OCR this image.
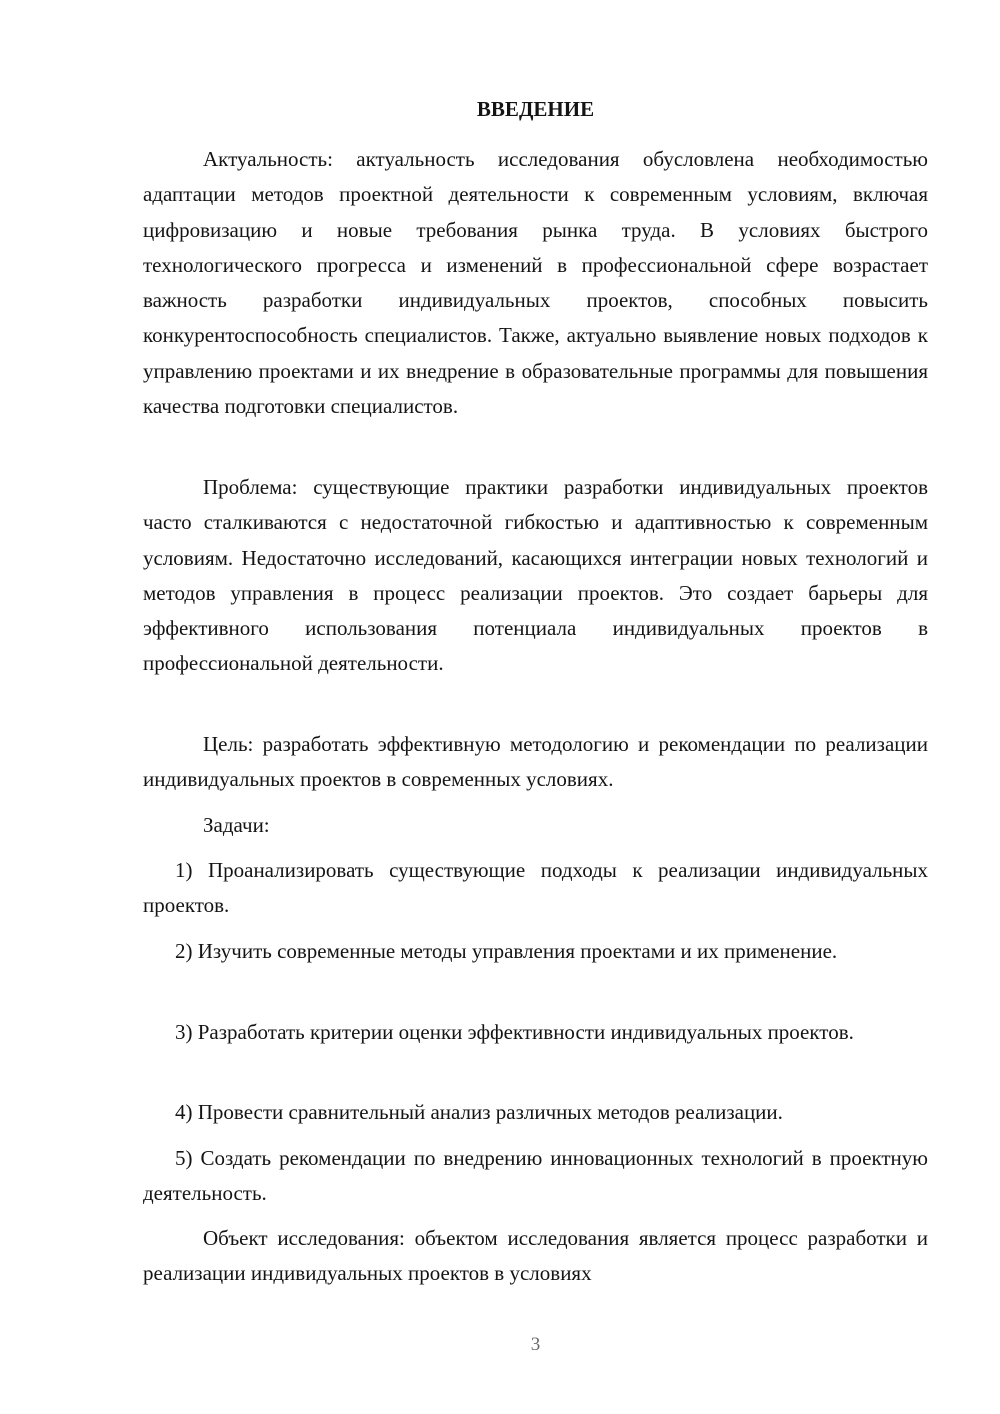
ВВЕДЕНИЕ

Актуальность: актуальность исследования обусловлена необходимостью адаптации методов проектной деятельности к современным условиям, включая цифровизацию и новые требования рынка труда. В условиях быстрого технологического прогресса и изменений в профессиональной сфере возрастает важность разработки индивидуальных проектов, способных повысить конкурентоспособность специалистов. Также, актуально выявление новых подходов к управлению проектами и их внедрение в образовательные программы для повышения качества подготовки специалистов.

Проблема: существующие практики разработки индивидуальных проектов часто сталкиваются с недостаточной гибкостью и адаптивностью к современным условиям. Недостаточно исследований, касающихся интеграции новых технологий и методов управления в процесс реализации проектов. Это создает барьеры для эффективного использования потенциала индивидуальных проектов в профессиональной деятельности.

Цель: разработать эффективную методологию и рекомендации по реализации индивидуальных проектов в современных условиях.

Задачи:

1) Проанализировать существующие подходы к реализации индивидуальных проектов.

2) Изучить современные методы управления проектами и их применение.

3) Разработать критерии оценки эффективности индивидуальных проектов.

4) Провести сравнительный анализ различных методов реализации.

5) Создать рекомендации по внедрению инновационных технологий в проектную деятельность.

Объект исследования: объектом исследования является процесс разработки и реализации индивидуальных проектов в условиях

3
